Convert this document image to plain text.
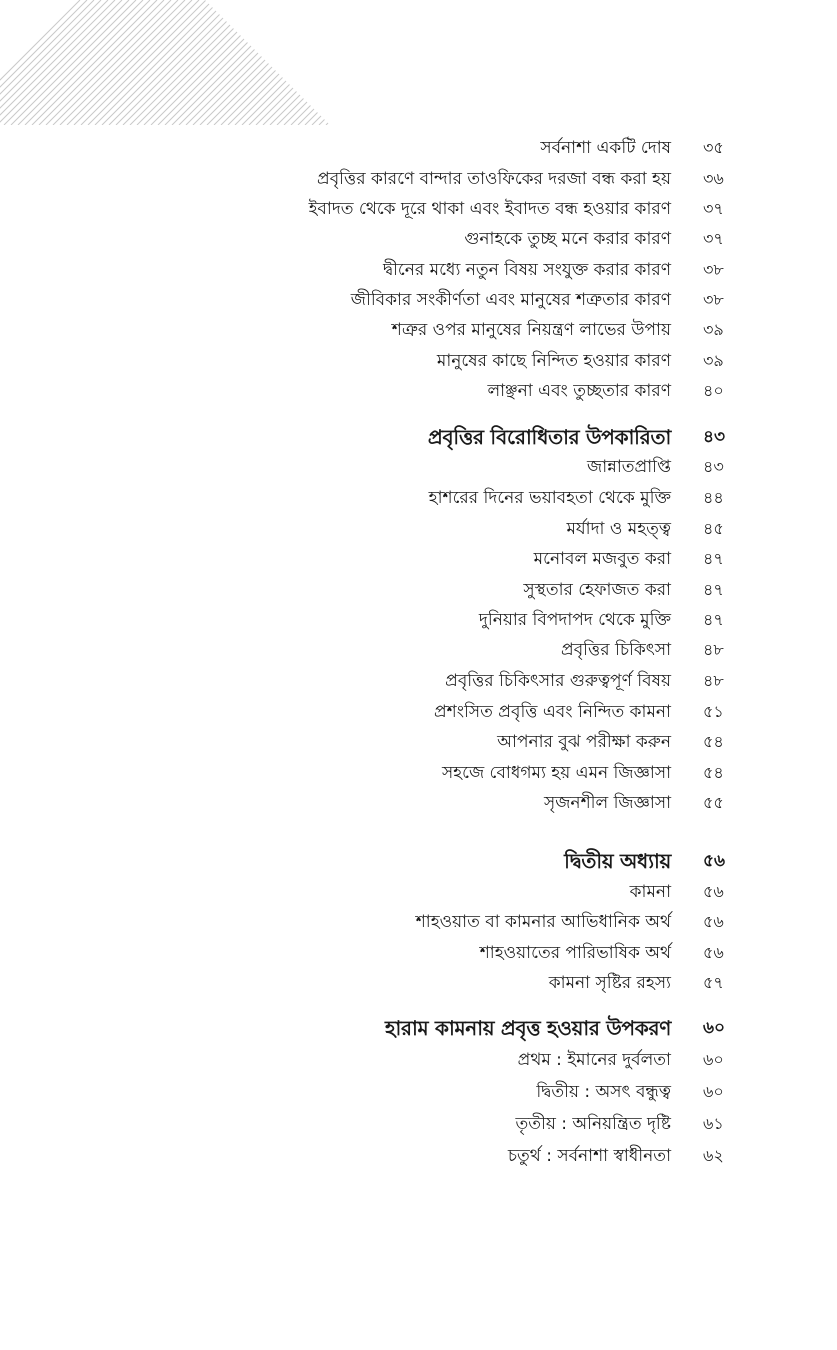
সর্বনাশা একটি দোষ ৩৫
প্রবৃত্তির কারণে বান্দার তাওফিকের দরজা বন্ধ করা হয় ৩৬
ইবাদত থেকে দূরে থাকা এবং ইবাদত বন্ধ হওয়ার কারণ ৩৭
গুনাহকে তুচ্ছ মনে করার কারণ ৩৭
দ্বীনের মধ্যে নতুন বিষয় সংযুক্ত করার কারণ ৩৮
জীবিকার সংকীর্ণতা এবং মানুষের শত্রুতার কারণ ৩৮
শত্রুর ওপর মানুষের নিয়ন্ত্রণ লাভের উপায় ৩৯
মানুষের কাছে নিন্দিত হওয়ার কারণ ৩৯
লাঞ্ছনা এবং তুচ্ছতার কারণ ৪০
প্রবৃত্তির বিরোধিতার উপকারিতা ৪৩
জান্নাতপ্রাপ্তি ৪৩
হাশরের দিনের ভয়াবহতা থেকে মুক্তি ৪৪
মর্যাদা ও মহত্ত্ব ৪৫
মনোবল মজবুত করা ৪৭
সুস্থতার হেফাজত করা ৪৭
দুনিয়ার বিপদাপদ থেকে মুক্তি ৪৭
প্রবৃত্তির চিকিৎসা ৪৮
প্রবৃত্তির চিকিৎসার গুরুত্বপূর্ণ বিষয় ৪৮
প্রশংসিত প্রবৃত্তি এবং নিন্দিত কামনা ৫১
আপনার বুঝ পরীক্ষা করুন ৫৪
সহজে বোধগম্য হয় এমন জিজ্ঞাসা ৫৪
সৃজনশীল জিজ্ঞাসা ৫৫
দ্বিতীয় অধ্যায় ৫৬
কামনা ৫৬
শাহওয়াত বা কামনার আভিধানিক অর্থ ৫৬
শাহওয়াতের পারিভাষিক অর্থ ৫৬
কামনা সৃষ্টির রহস্য ৫৭
হারাম কামনায় প্রবৃত্ত হওয়ার উপকরণ ৬০
প্রথম : ইমানের দুর্বলতা ৬০
দ্বিতীয় : অসৎ বন্ধুত্ব ৬০
তৃতীয় : অনিয়ন্ত্রিত দৃষ্টি ৬১
চতুর্থ : সর্বনাশা স্বাধীনতা ৬২
